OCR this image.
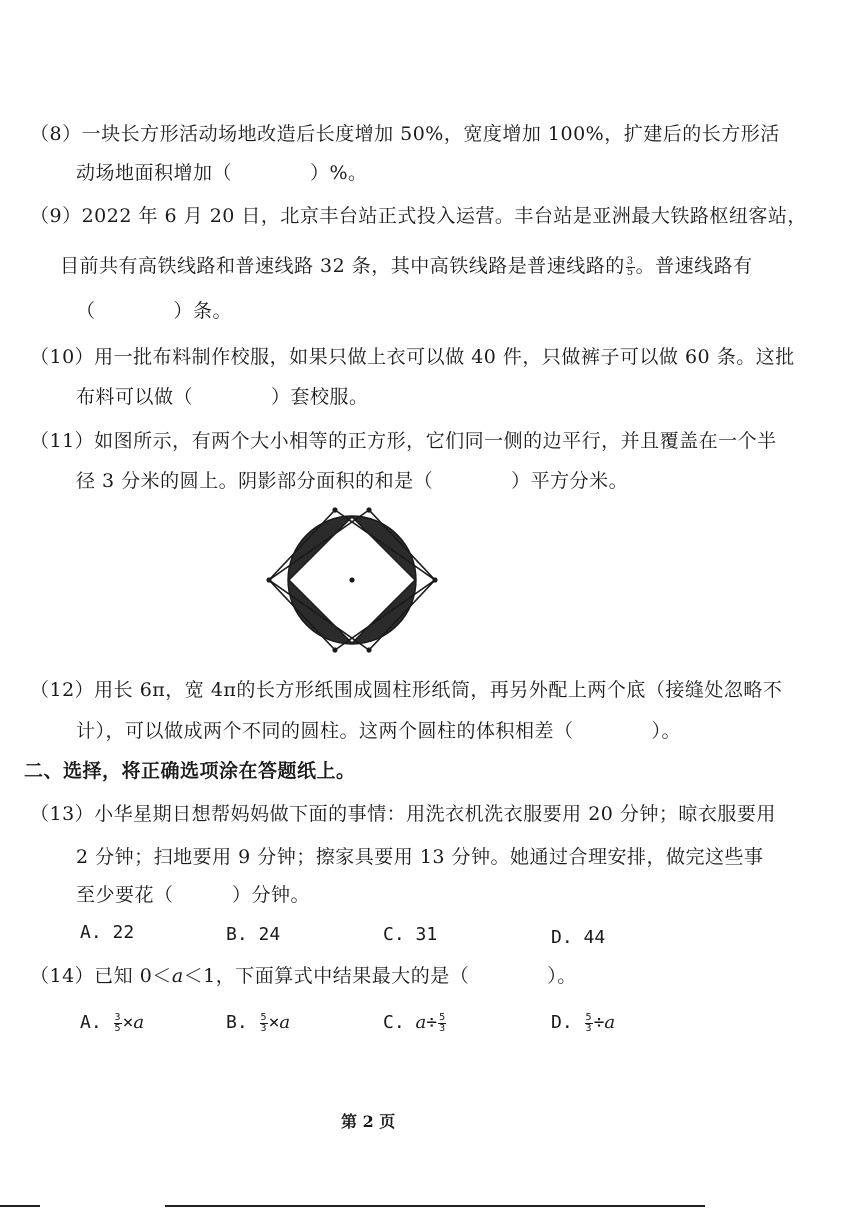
（8）一块长方形活动场地改造后长度增加 50%，宽度增加 100%，扩建后的长方形活
动场地面积增加（　　　　）%。
（9）2022 年 6 月 20 日，北京丰台站正式投入运营。丰台站是亚洲最大铁路枢纽客站，
目前共有高铁线路和普速线路 32 条，其中高铁线路是普速线路的 $\frac{3}{5}$ 。普速线路有
（　　　　）条。
（10）用一批布料制作校服，如果只做上衣可以做 40 件，只做裤子可以做 60 条。这批
布料可以做（　　　　）套校服。
（11）如图所示，有两个大小相等的正方形，它们同一侧的边平行，并且覆盖在一个半
径 3 分米的圆上。阴影部分面积的和是（　　　　）平方分米。
（12）用长 6π，宽 4π的长方形纸围成圆柱形纸筒，再另外配上两个底（接缝处忽略不
计），可以做成两个不同的圆柱。这两个圆柱的体积相差（　　　　）。
二、选择，将正确选项涂在答题纸上。
（13）小华星期日想帮妈妈做下面的事情：用洗衣机洗衣服要用 20 分钟；晾衣服要用
2 分钟；扫地要用 9 分钟；擦家具要用 13 分钟。她通过合理安排，做完这些事
至少要花（　　　）分钟。
A. 22	B. 24	C. 31	D. 44
（14）已知 0＜a＜1，下面算式中结果最大的是（　　　　）。
A. $\frac{3}{5} \times a$	B. $\frac{5}{3} \times a$	C. $a\div \frac{5}{3}$	D. $\frac{5}{3} \div a$
第 2 页
